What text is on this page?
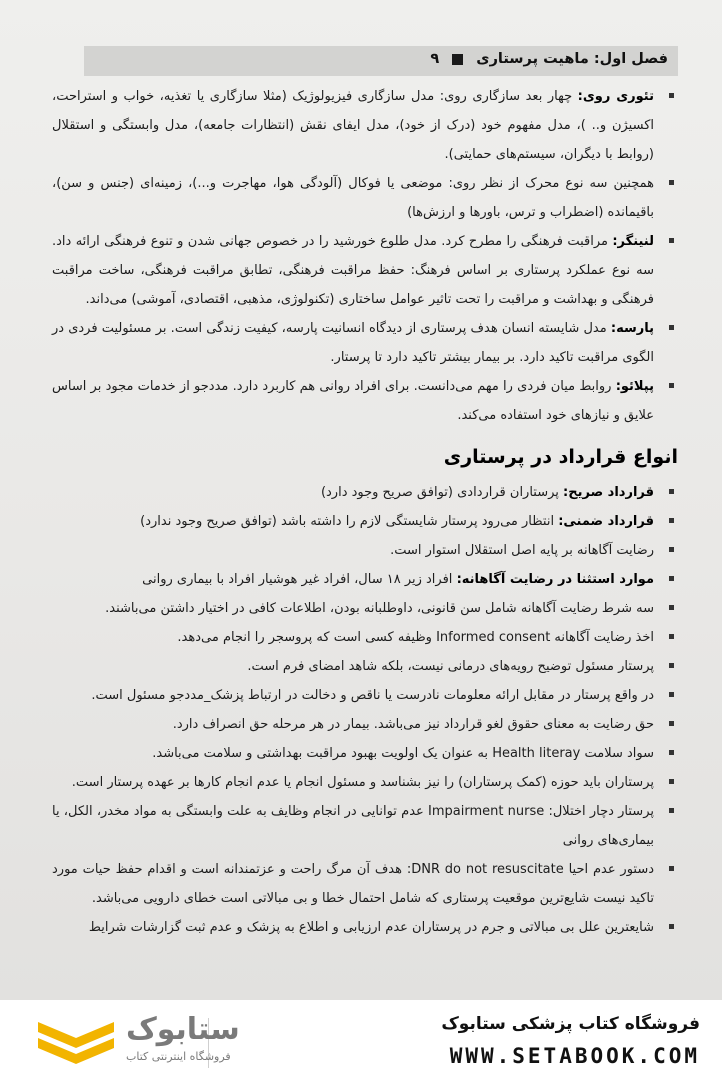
فصل اول: ماهیت پرستاری  ۹

تئوری روی: چهار بعد سازگاری روی: مدل سازگاری فیزیولوژیک (مثلا سازگاری یا تغذیه، خواب و استراحت، اکسیژن و.. )، مدل مفهوم خود (درک از خود)، مدل ایفای نقش (انتظارات جامعه)، مدل وابستگی و استقلال (روابط با دیگران، سیستم‌های حمایتی).

همچنین سه نوع محرک از نظر روی: موضعی یا فوکال (آلودگی هوا، مهاجرت و...)، زمینه‌ای (جنس و سن)، باقیمانده (اضطراب و ترس، باورها و ارزش‌ها)

لنینگر: مراقبت فرهنگی را مطرح کرد. مدل طلوع خورشید را در خصوص جهانی شدن و تنوع فرهنگی ارائه داد. سه نوع عملکرد پرستاری بر اساس فرهنگ: حفظ مراقبت فرهنگی، تطابق مراقبت فرهنگی، ساخت مراقبت فرهنگی و بهداشت و مراقبت را تحت تاثیر عوامل ساختاری (تکنولوژی، مذهبی، اقتصادی، آموشی) می‌داند.

پارسه: مدل شایسته انسان هدف پرستاری از دیدگاه انسانیت پارسه، کیفیت زندگی است. بر مسئولیت فردی در الگوی مراقبت تاکید دارد. بر بیمار بیشتر تاکید دارد تا پرستار.

پپلائو: روابط میان فردی را مهم می‌دانست. برای افراد روانی هم کاربرد دارد. مددجو از خدمات مجود بر اساس علایق و نیازهای خود استفاده می‌کند.

انواع قرارداد در پرستاری

قرارداد صریح: پرستاران قراردادی (توافق صریح وجود دارد)

قرارداد ضمنی: انتظار می‌رود پرستار شایستگی لازم را داشته باشد (توافق صریح وجود ندارد)

رضایت آگاهانه بر پایه اصل استقلال استوار است.

موارد استثنا در رضایت آگاهانه: افراد زیر ۱۸ سال، افراد غیر هوشیار افراد با بیماری روانی

سه شرط رضایت آگاهانه شامل سن قانونی، داوطلبانه بودن، اطلاعات کافی در اختیار داشتن می‌باشند.

اخذ رضایت آگاهانه Informed consent وظیفه کسی است که پروسجر را انجام می‌دهد.

پرستار مسئول توضیح رویه‌های درمانی نیست، بلکه شاهد امضای فرم است.

در واقع پرستار در مقابل ارائه معلومات نادرست یا ناقص و دخالت در ارتباط پزشک_مددجو مسئول است.

حق رضایت به معنای حقوق لغو قرارداد نیز می‌باشد. بیمار در هر مرحله حق انصراف دارد.

سواد سلامت Health literay به عنوان یک اولویت بهبود مراقبت بهداشتی و سلامت می‌باشد.

پرستاران باید حوزه (کمک پرستاران) را نیز بشناسد و مسئول انجام یا عدم انجام کارها بر عهده پرستار است.

پرستار دچار اختلال: Impairment nurse عدم توانایی در انجام وظایف به علت وابستگی به مواد مخدر، الکل، یا بیماری‌های روانی

دستور عدم احیا DNR do not resuscitate: هدف آن مرگ راحت و عزتمندانه است و اقدام حفظ حیات مورد تاکید نیست شایع‌ترین موقعیت پرستاری که شامل احتمال خطا و بی مبالاتی است خطای دارویی می‌باشد.

شایعترین علل بی مبالاتی و جرم در پرستاران عدم ارزیابی و اطلاع به پزشک و عدم ثبت گزارشات شرایط

ستابوک
فروشگاه اینترنتی کتاب
فروشگاه کتاب پزشکی ستابوک
WWW.SETABOOK.COM
